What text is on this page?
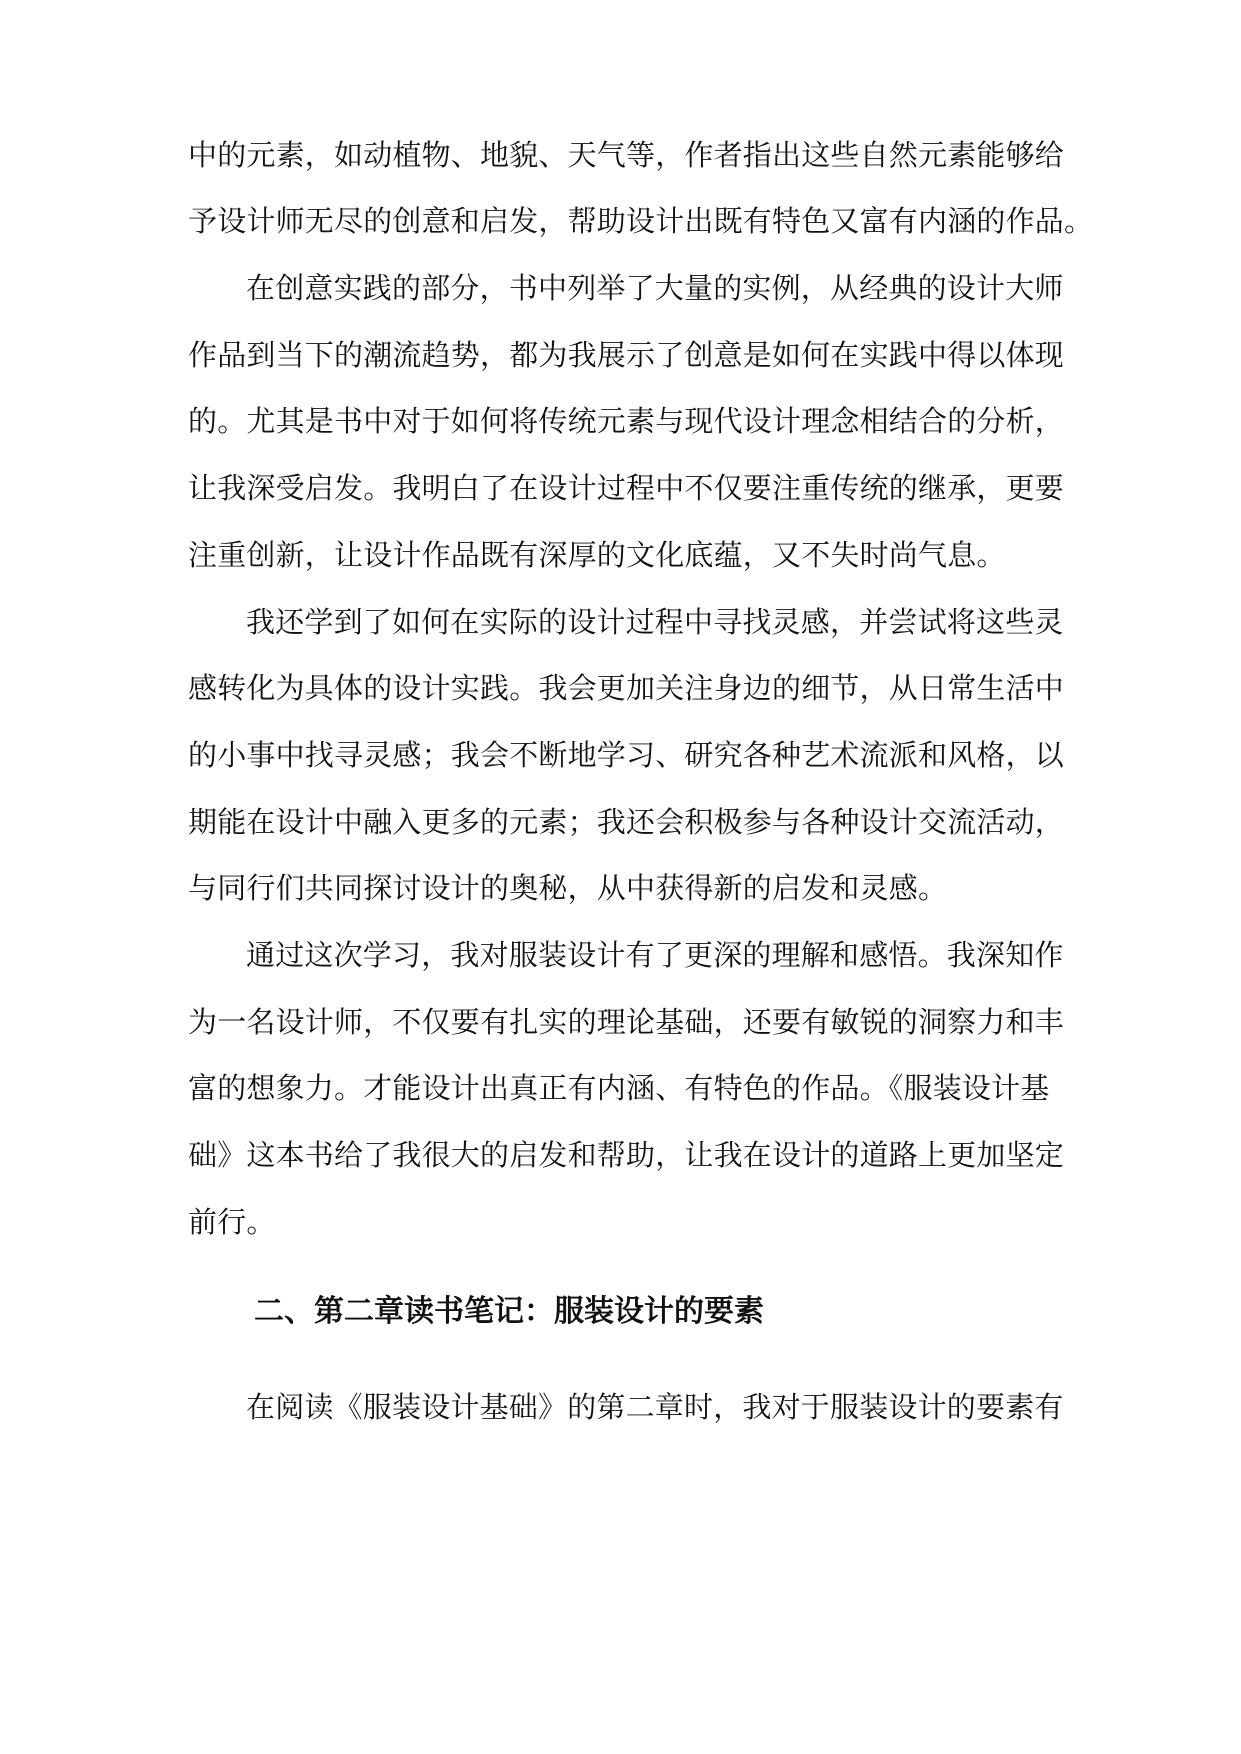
中的元素，如动植物、地貌、天气等，作者指出这些自然元素能够给
予设计师无尽的创意和启发，帮助设计出既有特色又富有内涵的作品。
在创意实践的部分，书中列举了大量的实例，从经典的设计大师
作品到当下的潮流趋势，都为我展示了创意是如何在实践中得以体现
的。尤其是书中对于如何将传统元素与现代设计理念相结合的分析，
让我深受启发。我明白了在设计过程中不仅要注重传统的继承，更要
注重创新，让设计作品既有深厚的文化底蕴，又不失时尚气息。
我还学到了如何在实际的设计过程中寻找灵感，并尝试将这些灵
感转化为具体的设计实践。我会更加关注身边的细节，从日常生活中
的小事中找寻灵感；我会不断地学习、研究各种艺术流派和风格，以
期能在设计中融入更多的元素；我还会积极参与各种设计交流活动，
与同行们共同探讨设计的奥秘，从中获得新的启发和灵感。
通过这次学习，我对服装设计有了更深的理解和感悟。我深知作
为一名设计师，不仅要有扎实的理论基础，还要有敏锐的洞察力和丰
富的想象力。才能设计出真正有内涵、有特色的作品。《服装设计基
础》这本书给了我很大的启发和帮助，让我在设计的道路上更加坚定
前行。
二、第二章读书笔记：服装设计的要素
在阅读《服装设计基础》的第二章时，我对于服装设计的要素有
